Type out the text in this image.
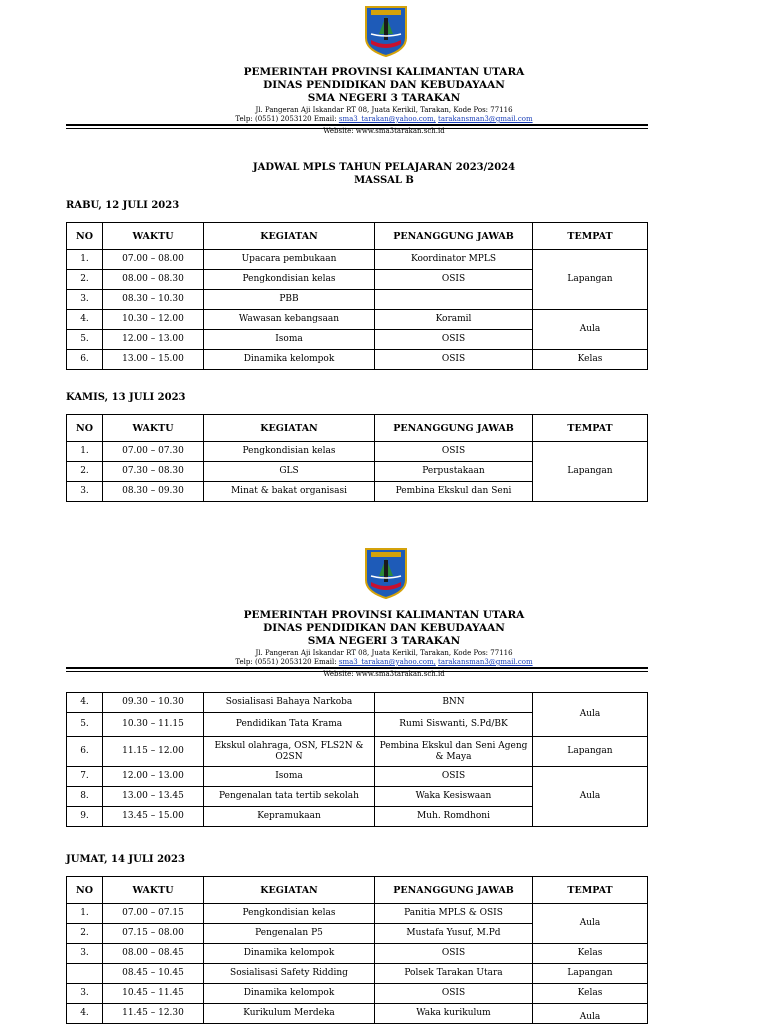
PEMERINTAH PROVINSI KALIMANTAN UTARA
DINAS PENDIDIKAN DAN KEBUDAYAAN
SMA NEGERI 3 TARAKAN
Jl. Pangeran Aji Iskandar RT 08, Juata Kerikil, Tarakan, Kode Pos: 77116
Telp: (0551) 2053120 Email: sma3_tarakan@yahoo.com, tarakansman3@gmail.com
Website: www.sma3tarakan.sch.id
JADWAL MPLS TAHUN PELAJARAN 2023/2024
MASSAL B
RABU, 12 JULI 2023
NO	WAKTU	KEGIATAN	PENANGGUNG JAWAB	TEMPAT
1.	07.00 – 08.00	Upacara pembukaan	Koordinator MPLS	Lapangan
2.	08.00 – 08.30	Pengkondisian kelas	OSIS	
3.	08.30 – 10.30	PBB		
4.	10.30 – 12.00	Wawasan kebangsaan	Koramil	Aula
5.	12.00 – 13.00	Isoma	OSIS	
6.	13.00 – 15.00	Dinamika kelompok	OSIS	Kelas
KAMIS, 13 JULI 2023
NO	WAKTU	KEGIATAN	PENANGGUNG JAWAB	TEMPAT
1.	07.00 – 07.30	Pengkondisian kelas	OSIS	Lapangan
2.	07.30 – 08.30	GLS	Perpustakaan	
3.	08.30 – 09.30	Minat & bakat organisasi	Pembina Ekskul dan Seni	
PEMERINTAH PROVINSI KALIMANTAN UTARA
DINAS PENDIDIKAN DAN KEBUDAYAAN
SMA NEGERI 3 TARAKAN
Jl. Pangeran Aji Iskandar RT 08, Juata Kerikil, Tarakan, Kode Pos: 77116
Telp: (0551) 2053120 Email: sma3_tarakan@yahoo.com, tarakansman3@gmail.com
Website: www.sma3tarakan.sch.id
4.	09.30 – 10.30	Sosialisasi Bahaya Narkoba	BNN	Aula
5.	10.30 – 11.15	Pendidikan Tata Krama	Rumi Siswanti, S.Pd/BK	
6.	11.15 – 12.00	Ekskul olahraga, OSN, FLS2N & O2SN	Pembina Ekskul dan Seni Ageng & Maya	Lapangan
7.	12.00 – 13.00	Isoma	OSIS	Aula
8.	13.00 – 13.45	Pengenalan tata tertib sekolah	Waka Kesiswaan	
9.	13.45 – 15.00	Kepramukaan	Muh. Romdhoni	
JUMAT, 14 JULI 2023
NO	WAKTU	KEGIATAN	PENANGGUNG JAWAB	TEMPAT
1.	07.00 – 07.15	Pengkondisian kelas	Panitia MPLS & OSIS	Aula
2.	07.15 – 08.00	Pengenalan P5	Mustafa Yusuf, M.Pd	
3.	08.00 – 08.45	Dinamika kelompok	OSIS	Kelas
	08.45 – 10.45	Sosialisasi Safety Ridding	Polsek Tarakan Utara	Lapangan
3.	10.45 – 11.45	Dinamika kelompok	OSIS	Kelas
4.	11.45 – 12.30	Kurikulum Merdeka	Waka kurikulum	Aula
